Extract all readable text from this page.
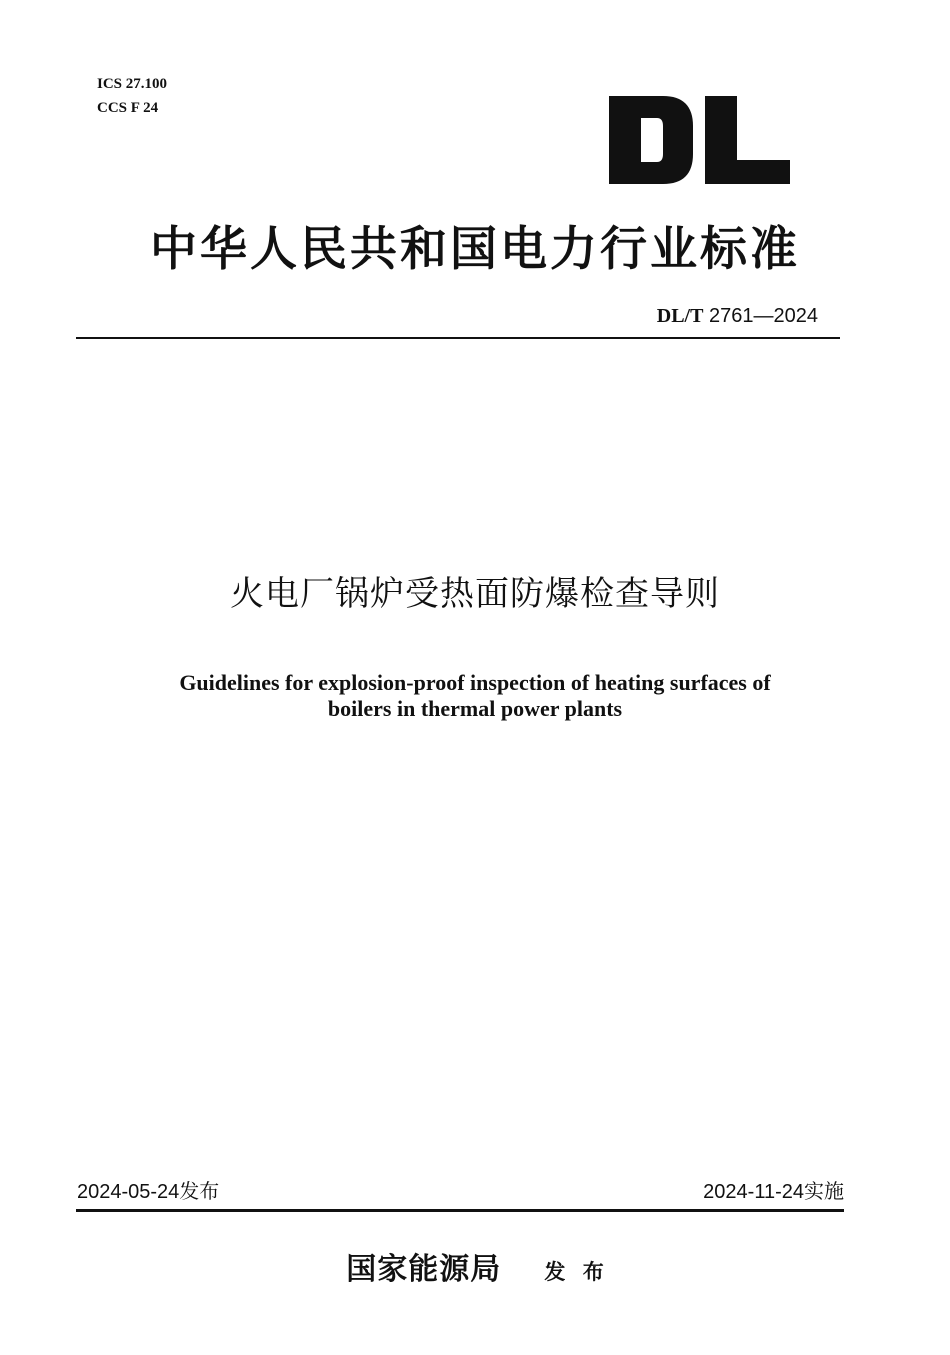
ICS 27.100
CCS F 24
中华人民共和国电力行业标准
DL/T 2761—2024
火电厂锅炉受热面防爆检查导则
Guidelines for explosion-proof inspection of heating surfaces of boilers in thermal power plants
2024-05-24发布	2024-11-24实施
国家能源局 发 布
